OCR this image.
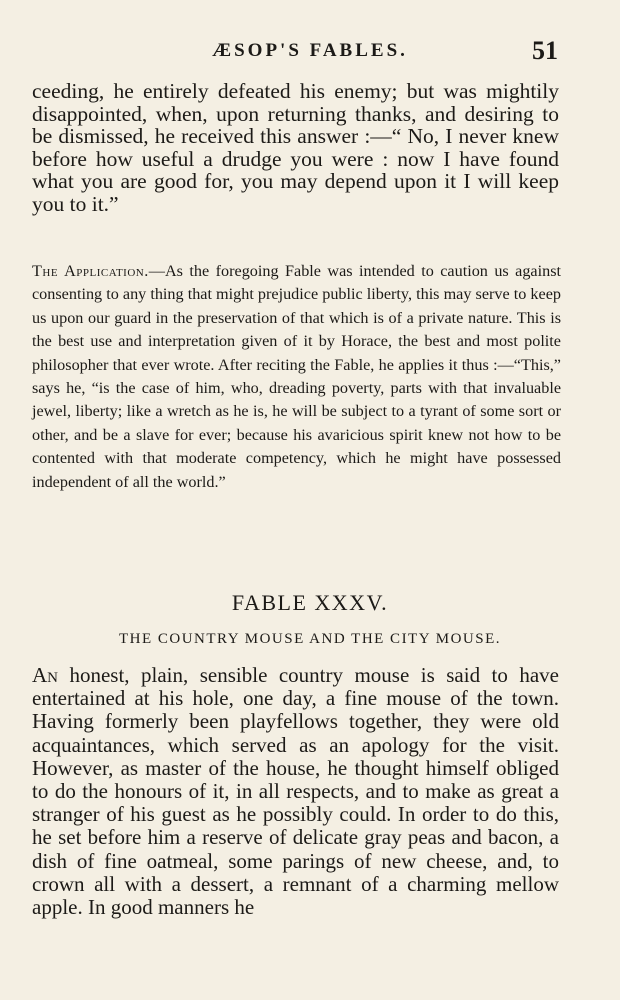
ÆSOP'S FABLES.	51

ceeding, he entirely defeated his enemy; but was mightily disappointed, when, upon returning thanks, and desiring to be dismissed, he received this answer :—“ No, I never knew before how useful a drudge you were : now I have found what you are good for, you may depend upon it I will keep you to it.”

The Application.—As the foregoing Fable was intended to caution us against consenting to any thing that might prejudice public liberty, this may serve to keep us upon our guard in the preservation of that which is of a private nature. This is the best use and interpretation given of it by Horace, the best and most polite philosopher that ever wrote. After reciting the Fable, he applies it thus :—“This,” says he, “is the case of him, who, dreading poverty, parts with that invaluable jewel, liberty; like a wretch as he is, he will be subject to a tyrant of some sort or other, and be a slave for ever; because his avaricious spirit knew not how to be contented with that moderate competency, which he might have possessed independent of all the world.”

FABLE XXXV.
THE COUNTRY MOUSE AND THE CITY MOUSE.

An honest, plain, sensible country mouse is said to have entertained at his hole, one day, a fine mouse of the town. Having formerly been playfellows together, they were old acquaintances, which served as an apology for the visit. However, as master of the house, he thought himself obliged to do the honours of it, in all respects, and to make as great a stranger of his guest as he possibly could. In order to do this, he set before him a reserve of delicate gray peas and bacon, a dish of fine oatmeal, some parings of new cheese, and, to crown all with a dessert, a remnant of a charming mellow apple. In good manners he
